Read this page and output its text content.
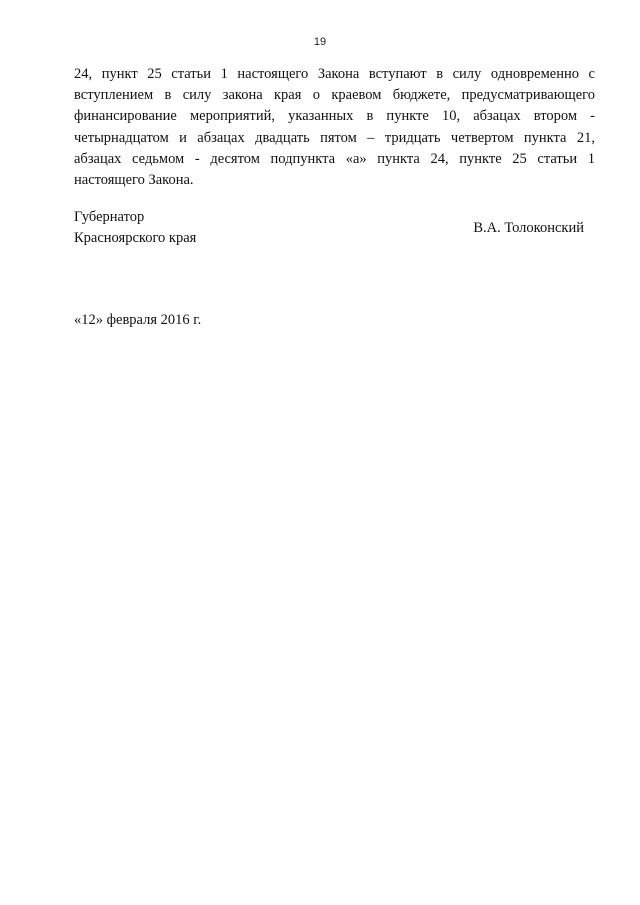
19
24, пункт 25 статьи 1 настоящего Закона вступают в силу одновременно с
вступлением в силу закона края о краевом бюджете, предусматривающего
финансирование мероприятий, указанных в пункте 10, абзацах втором -
четырнадцатом и абзацах двадцать пятом – тридцать четвертом пункта 21,
абзацах седьмом - десятом подпункта «а» пункта 24, пункте 25 статьи 1
настоящего Закона.
Губернатор
Красноярского края
В.А. Толоконский
«12» февраля 2016 г.
